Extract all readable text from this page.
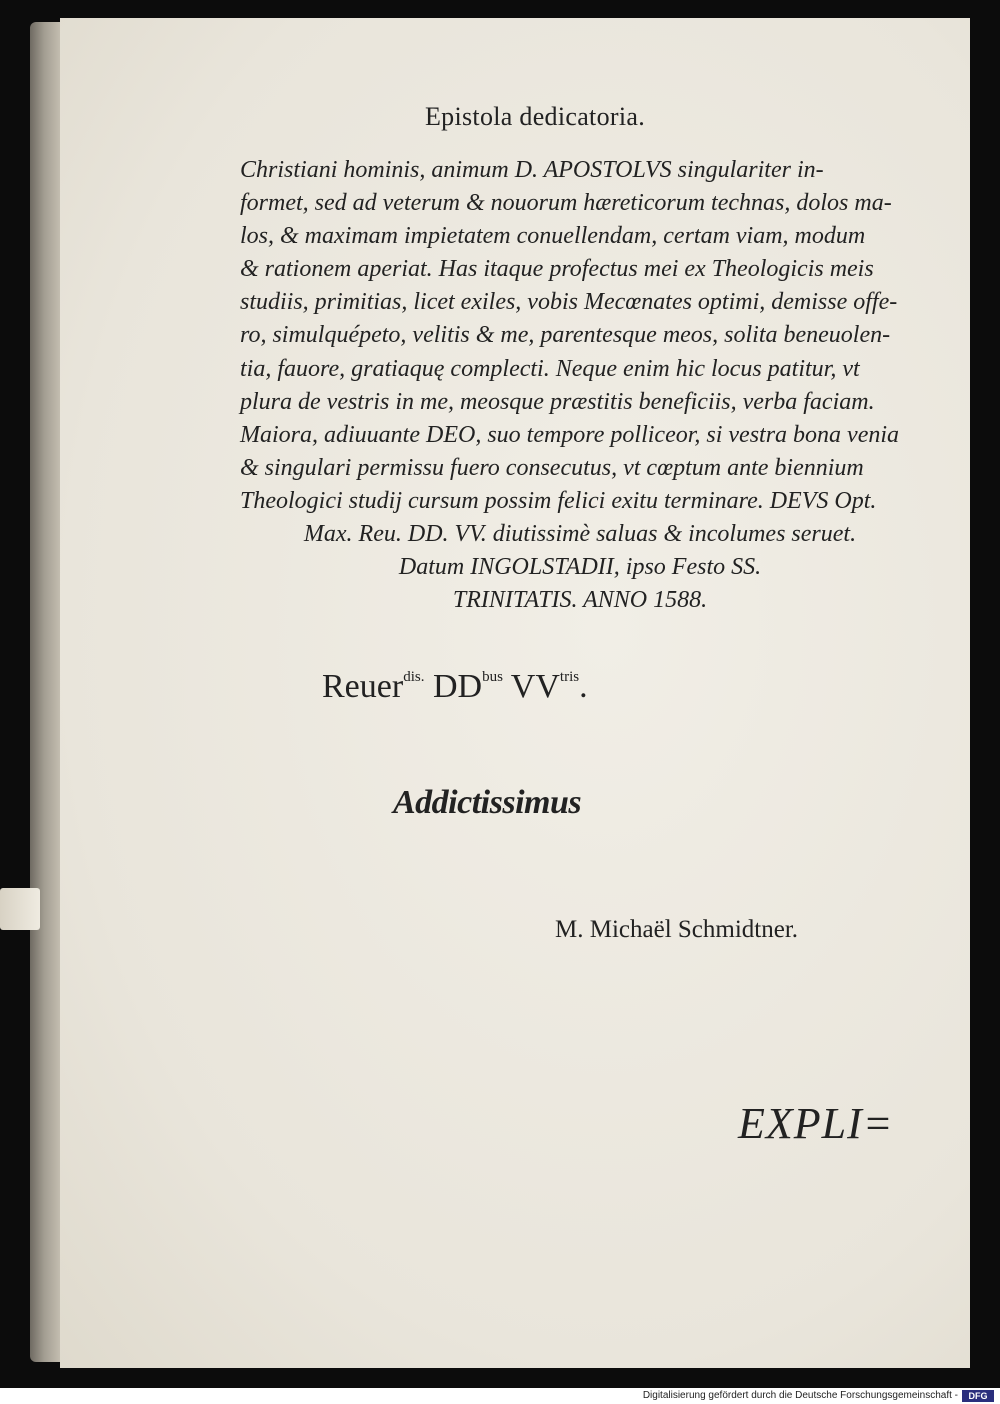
Epistola dedicatoria.
Christiani hominis, animum D. APOSTOLVS singulariter in-
formet, sed ad veterum & nouorum hæreticorum technas, dolos ma-
los, & maximam impietatem conuellendam, certam viam, modum
& rationem aperiat. Has itaque profectus mei ex Theologicis meis
studiis, primitias, licet exiles, vobis Mecœnates optimi, demisse offe-
ro, simulquépeto, velitis & me, parentesque meos, solita beneuolen-
tia, fauore, gratiaquę complecti. Neque enim hic locus patitur, vt
plura de vestris in me, meosque præstitis beneficiis, verba faciam.
Maiora, adiuuante DEO, suo tempore polliceor, si vestra bona venia
& singulari permissu fuero consecutus, vt cœptum ante biennium
Theologici studij cursum possim felici exitu terminare. DEVS Opt.
Max. Reu. DD. VV. diutissimè saluas & incolumes seruet.
Datum INGOLSTADII, ipso Festo SS.
TRINITATIS. ANNO 1588.
Reuer$^{dis.}$ $DD^{bus}$ $VV^{tris}$.
Addictissimus
M. Michaël Schmidtner.
EXPLI=
Digitalisierung gefördert durch die Deutsche Forschungsgemeinschaft -	DFG
